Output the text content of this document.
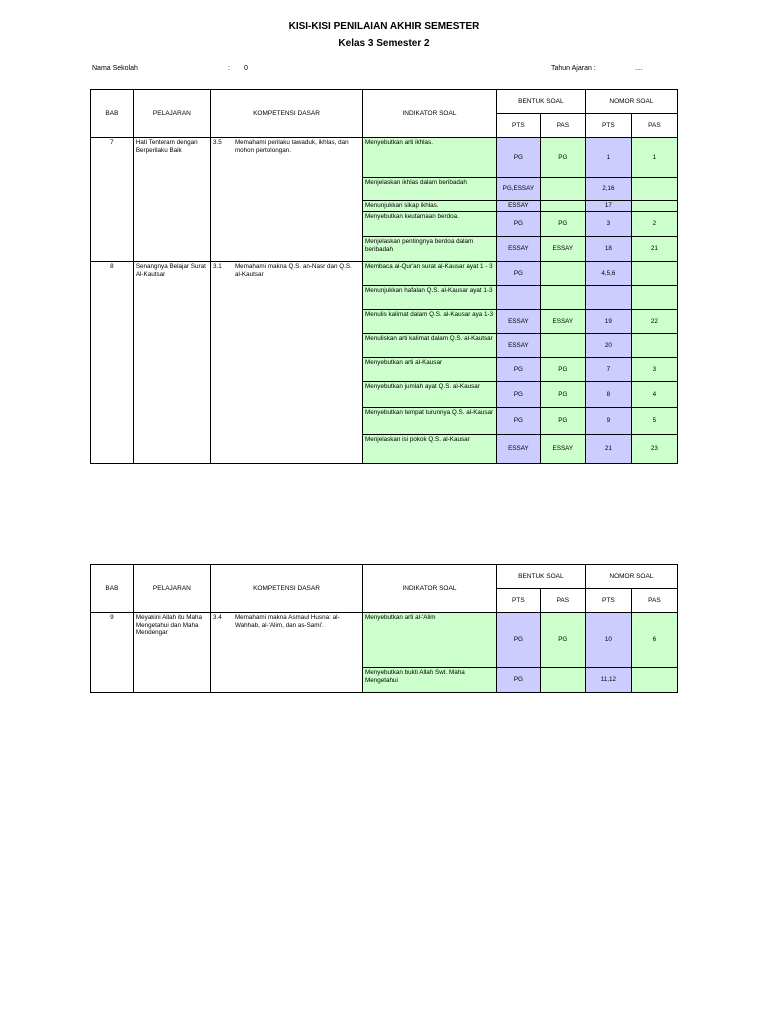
KISI-KISI PENILAIAN AKHIR SEMESTER
Kelas 3 Semester 2
Nama Sekolah	: 0	Tahun Ajaran :	....
BAB	PELAJARAN	KOMPETENSI DASAR		INDIKATOR SOAL	BENTUK SOAL		NOMOR SOAL	
					PTS	PAS	PTS	PAS
7	Hati Tenteram dengan Berperilaku Baik	3.5	Memahami perilaku tawaduk, ikhlas, dan mohon pertolongan.	Menyebutkan arti ikhlas.	PG	PG	1	1
				Menjelaskan ikhlas dalam beribadah	PG,ESSAY		2,16	
				Menunjukkan sikap ikhlas.	ESSAY		17	
				Menyebutkan keutamaan berdoa.	PG	PG	3	2
				Menjelaskan pentingnya berdoa dalam beribadah	ESSAY	ESSAY	18	21
8	Senangnya Belajar Surat Al-Kautsar	3.1	Memahami makna Q.S. an-Nasr dan Q.S. al-Kautsar	Membaca al-Qur'an surat al-Kausar ayat 1 - 3	PG		4,5,6	
				Menunjukkan hafalan Q.S. al-Kausar ayat 1-3				
				Menulis kalimat dalam Q.S. al-Kausar aya 1-3	ESSAY	ESSAY	19	22
				Menuliskan arti kalimat dalam Q.S. al-Kautsar	ESSAY		20	
				Menyebutkan arti al-Kausar	PG	PG	7	3
				Menyebutkan jumlah ayat Q.S. al-Kausar	PG	PG	8	4
				Menyebutkan tempat turunnya Q.S. al-Kausar	PG	PG	9	5
				Menjelaskan isi pokok Q.S. al-Kausar	ESSAY	ESSAY	21	23
BAB	PELAJARAN	KOMPETENSI DASAR		INDIKATOR SOAL	BENTUK SOAL		NOMOR SOAL	
					PTS	PAS	PTS	PAS
9	Meyakini Allah itu Maha Mengetahui dan Maha Mendengar	3.4	Memahami makna Asmaul Husna: al-Wahhab, al-'Alim, dan as-Sami'.	Menyebutkan arti al-'Alim	PG	PG	10	6
				Menyebutkan bukti Allah Swt. Maha Mengetahui	PG		11,12	
